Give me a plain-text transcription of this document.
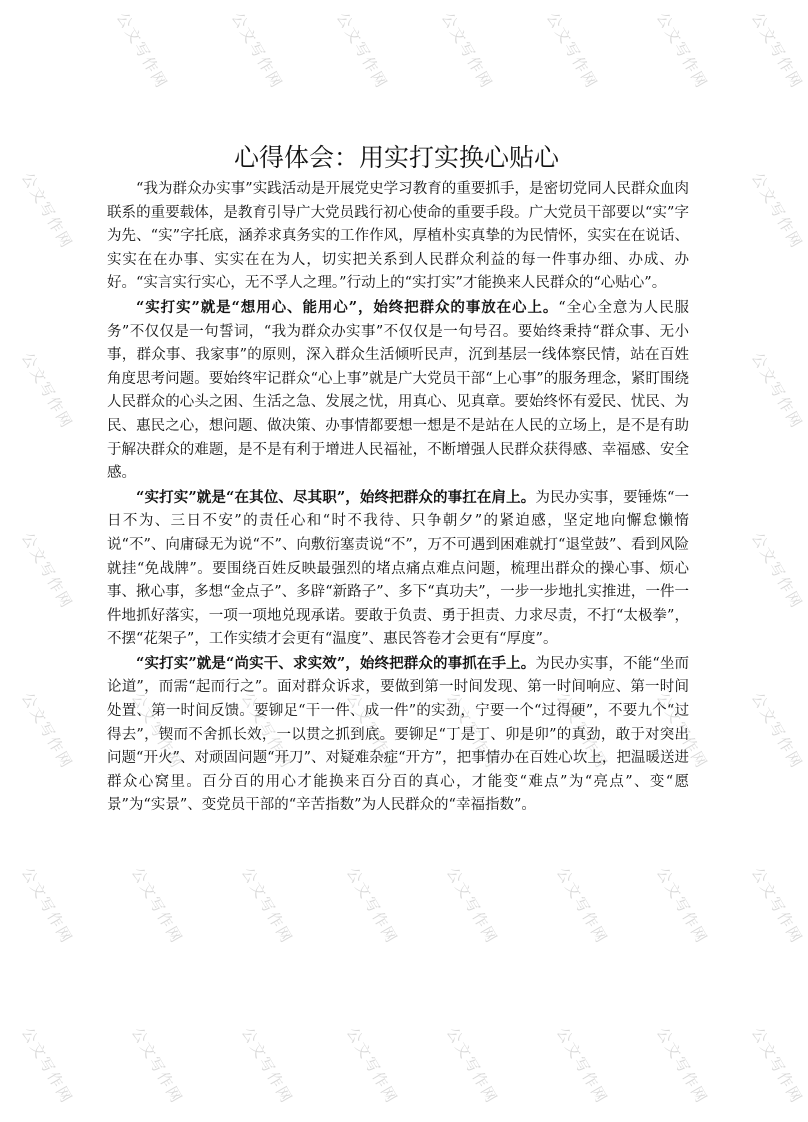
公文写作网	公文写作网	公文写作网	公文写作网	公文写作网	公文写作网 公文写作网
公文写作网	公文写作网
公文写作网	公文写作网
公文写作网	公文写作网
公文写作网	公文写作网	公文写作网	公文写作网	公文写作网	公文写作网	公文写作网 公文写作网
公文写作网	公文写作网	公文写作网	公文写作网	公文写作网	公文写作网	公文写作网 公文写作网
公文写作网	公文写作网	公文写作网	公文写作网	公文写作网	公文写作网	公文写作网 公文写作网
心得体会：用实打实换心贴心

“我为群众办实事”实践活动是开展党史学习教育的重要抓手，是密切党同人民群众血肉联系的重要载体，是教育引导广大党员践行初心使命的重要手段。广大党员干部要以“实”字为先、“实”字托底，涵养求真务实的工作作风，厚植朴实真挚的为民情怀，实实在在说话、实实在在办事、实实在在为人，切实把关系到人民群众利益的每一件事办细、办成、办好。“实言实行实心，无不孚人之理。”行动上的“实打实”才能换来人民群众的“心贴心”。

“实打实”就是“想用心、能用心”，始终把群众的事放在心上。“全心全意为人民服务”不仅仅是一句誓词，“我为群众办实事”不仅仅是一句号召。要始终秉持“群众事、无小事，群众事、我家事”的原则，深入群众生活倾听民声，沉到基层一线体察民情，站在百姓角度思考问题。要始终牢记群众“心上事”就是广大党员干部“上心事”的服务理念，紧盯围绕人民群众的心头之困、生活之急、发展之忧，用真心、见真章。要始终怀有爱民、忧民、为民、惠民之心，想问题、做决策、办事情都要想一想是不是站在人民的立场上，是不是有助于解决群众的难题，是不是有利于增进人民福祉，不断增强人民群众获得感、幸福感、安全感。

“实打实”就是“在其位、尽其职”，始终把群众的事扛在肩上。为民办实事，要锤炼“一日不为、三日不安”的责任心和“时不我待、只争朝夕”的紧迫感，坚定地向懈怠懒惰说“不”、向庸碌无为说“不”、向敷衍塞责说“不”，万不可遇到困难就打“退堂鼓”、看到风险就挂“免战牌”。要围绕百姓反映最强烈的堵点痛点难点问题，梳理出群众的操心事、烦心事、揪心事，多想“金点子”、多辟“新路子”、多下“真功夫”，一步一步地扎实推进，一件一件地抓好落实，一项一项地兑现承诺。要敢于负责、勇于担责、力求尽责，不打“太极拳”，不摆“花架子”，工作实绩才会更有“温度”、惠民答卷才会更有“厚度”。

“实打实”就是“尚实干、求实效”，始终把群众的事抓在手上。为民办实事，不能“坐而论道”，而需“起而行之”。面对群众诉求，要做到第一时间发现、第一时间响应、第一时间处置、第一时间反馈。要铆足“干一件、成一件”的实劲，宁要一个“过得硬”，不要九个“过得去”，锲而不舍抓长效，一以贯之抓到底。要铆足“丁是丁、卯是卯”的真劲，敢于对突出问题“开火”、对顽固问题“开刀”、对疑难杂症“开方”，把事情办在百姓心坎上，把温暖送进群众心窝里。百分百的用心才能换来百分百的真心，才能变“难点”为“亮点”、变“愿景”为“实景”、变党员干部的“辛苦指数”为人民群众的“幸福指数”。
